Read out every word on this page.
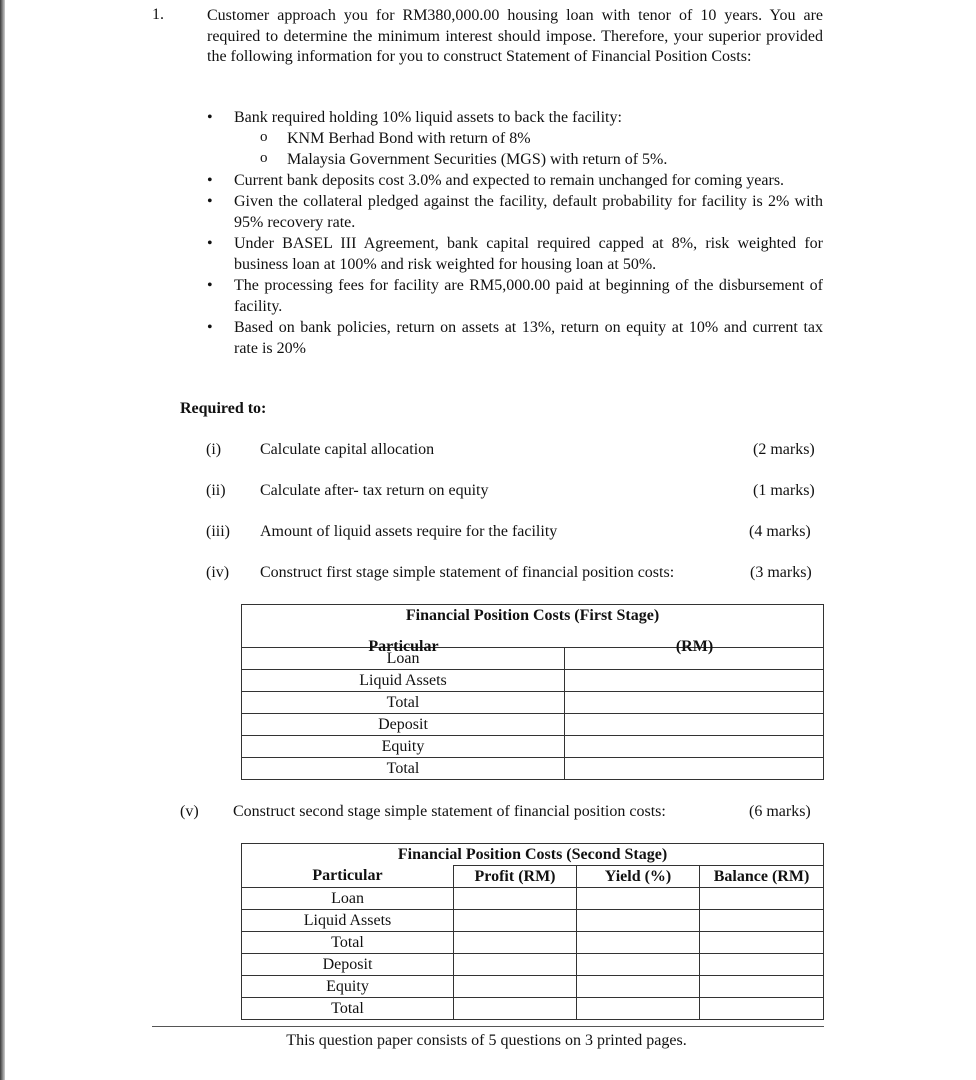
1.	Customer approach you for RM380,000.00 housing loan with tenor of 10 years. You are required to determine the minimum interest should impose. Therefore, your superior provided the following information for you to construct Statement of Financial Position Costs:
• Bank required holding 10% liquid assets to back the facility:
o KNM Berhad Bond with return of 8%
o Malaysia Government Securities (MGS) with return of 5%.
• Current bank deposits cost 3.0% and expected to remain unchanged for coming years.
• Given the collateral pledged against the facility, default probability for facility is 2% with 95% recovery rate.
• Under BASEL III Agreement, bank capital required capped at 8%, risk weighted for business loan at 100% and risk weighted for housing loan at 50%.
• The processing fees for facility are RM5,000.00 paid at beginning of the disbursement of facility.
• Based on bank policies, return on assets at 13%, return on equity at 10% and current tax rate is 20%
Required to:
(i) Calculate capital allocation	(2 marks)
(ii) Calculate after- tax return on equity	(1 marks)
(iii) Amount of liquid assets require for the facility	(4 marks)
(iv) Construct first stage simple statement of financial position costs:	(3 marks)
Financial Position Costs (First Stage)	

Particular (RM)	

Loan	
Liquid Assets	
Total	
Deposit	
Equity	
Total	
(v) Construct second stage simple statement of financial position costs:	(6 marks)
Financial Position Costs (Second Stage)			
Particular	Profit (RM)	Yield (%)	Balance (RM)
Loan			
Liquid Assets			
Total			
Deposit			
Equity			
Total			
This question paper consists of 5 questions on 3 printed pages.
